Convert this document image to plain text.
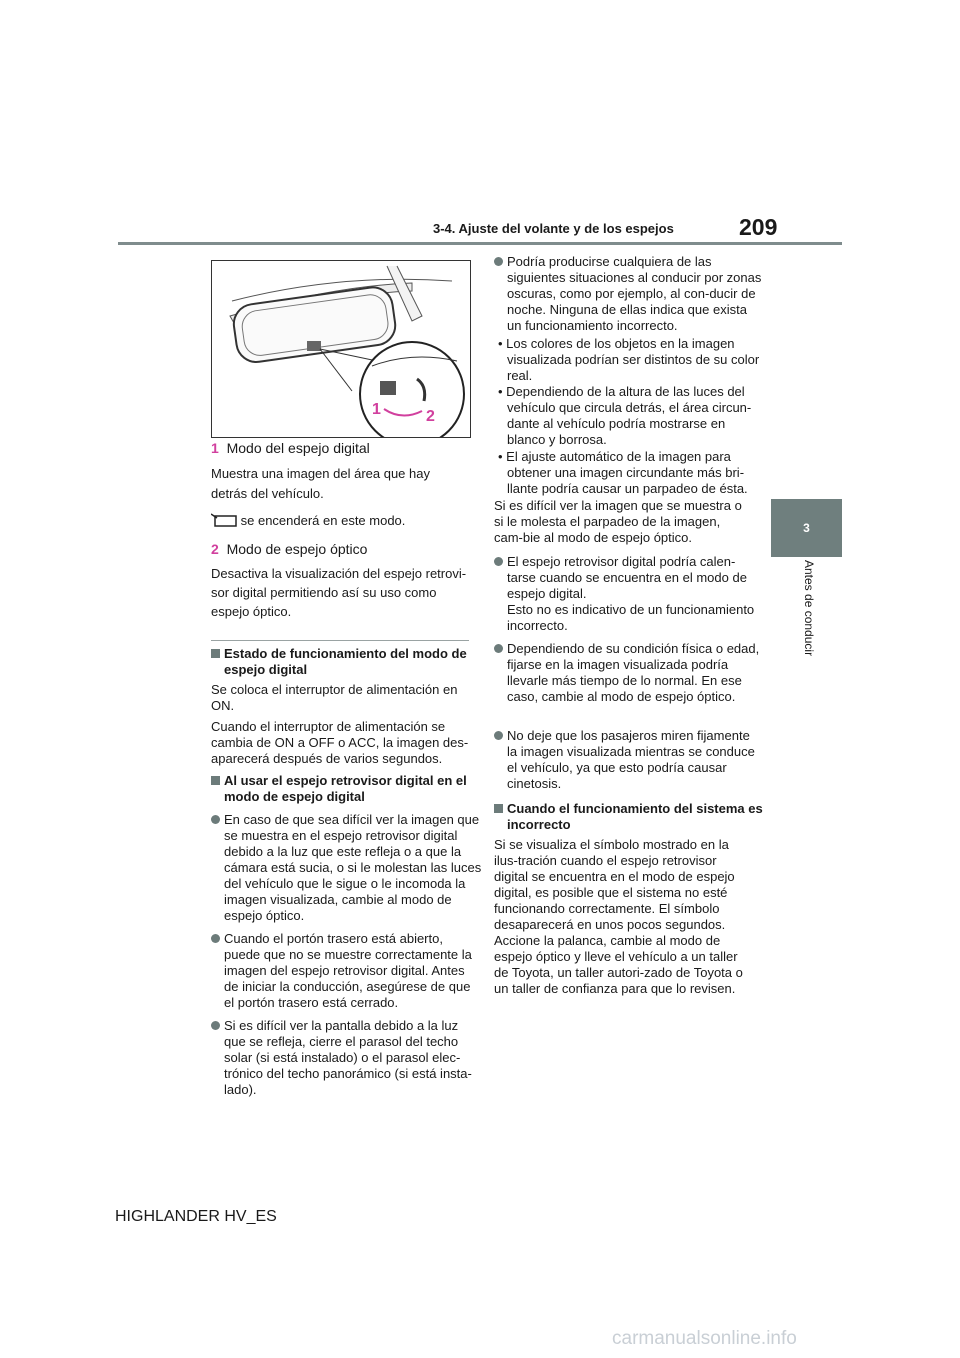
3-4. Ajuste del volante y de los espejos	209
3
Antes de conducir
1	2
1 Modo del espejo digital
Muestra una imagen del área que hay
detrás del vehículo.
se encenderá en este modo.
2 Modo de espejo óptico
Desactiva la visualización del espejo retrovi-
sor digital permitiendo así su uso como
espejo óptico.
Estado de funcionamiento del modo de espejo digital
Se coloca el interruptor de alimentación en ON.
Cuando el interruptor de alimentación se cambia de ON a OFF o ACC, la imagen des-aparecerá después de varios segundos.
Al usar el espejo retrovisor digital en el modo de espejo digital
En caso de que sea difícil ver la imagen que se muestra en el espejo retrovisor digital debido a la luz que este refleja o a que la cámara está sucia, o si le molestan las luces del vehículo que le sigue o le incomoda la imagen visualizada, cambie al modo de espejo óptico.
Cuando el portón trasero está abierto, puede que no se muestre correctamente la imagen del espejo retrovisor digital. Antes de iniciar la conducción, asegúrese de que el portón trasero está cerrado.
Si es difícil ver la pantalla debido a la luz que se refleja, cierre el parasol del techo solar (si está instalado) o el parasol elec-trónico del techo panorámico (si está insta-lado).
Podría producirse cualquiera de las siguientes situaciones al conducir por zonas oscuras, como por ejemplo, al con-ducir de noche. Ninguna de ellas indica que exista un funcionamiento incorrecto.
• Los colores de los objetos en la imagen visualizada podrían ser distintos de su color real.
• Dependiendo de la altura de las luces del vehículo que circula detrás, el área circun-dante al vehículo podría mostrarse en blanco y borrosa.
• El ajuste automático de la imagen para obtener una imagen circundante más bri-llante podría causar un parpadeo de ésta.
Si es difícil ver la imagen que se muestra o si le molesta el parpadeo de la imagen, cam-bie al modo de espejo óptico.
El espejo retrovisor digital podría calen-tarse cuando se encuentra en el modo de espejo digital.
Esto no es indicativo de un funcionamiento incorrecto.
Dependiendo de su condición física o edad, fijarse en la imagen visualizada podría llevarle más tiempo de lo normal. En ese caso, cambie al modo de espejo óptico.
No deje que los pasajeros miren fijamente la imagen visualizada mientras se conduce el vehículo, ya que esto podría causar cinetosis.
Cuando el funcionamiento del sistema es incorrecto
Si se visualiza el símbolo mostrado en la ilus-tración cuando el espejo retrovisor digital se encuentra en el modo de espejo digital, es posible que el sistema no esté funcionando correctamente. El símbolo desaparecerá en unos pocos segundos. Accione la palanca, cambie al modo de espejo óptico y lleve el vehículo a un taller de Toyota, un taller autori-zado de Toyota o un taller de confianza para que lo revisen.
HIGHLANDER HV_ES
carmanualsonline.info
